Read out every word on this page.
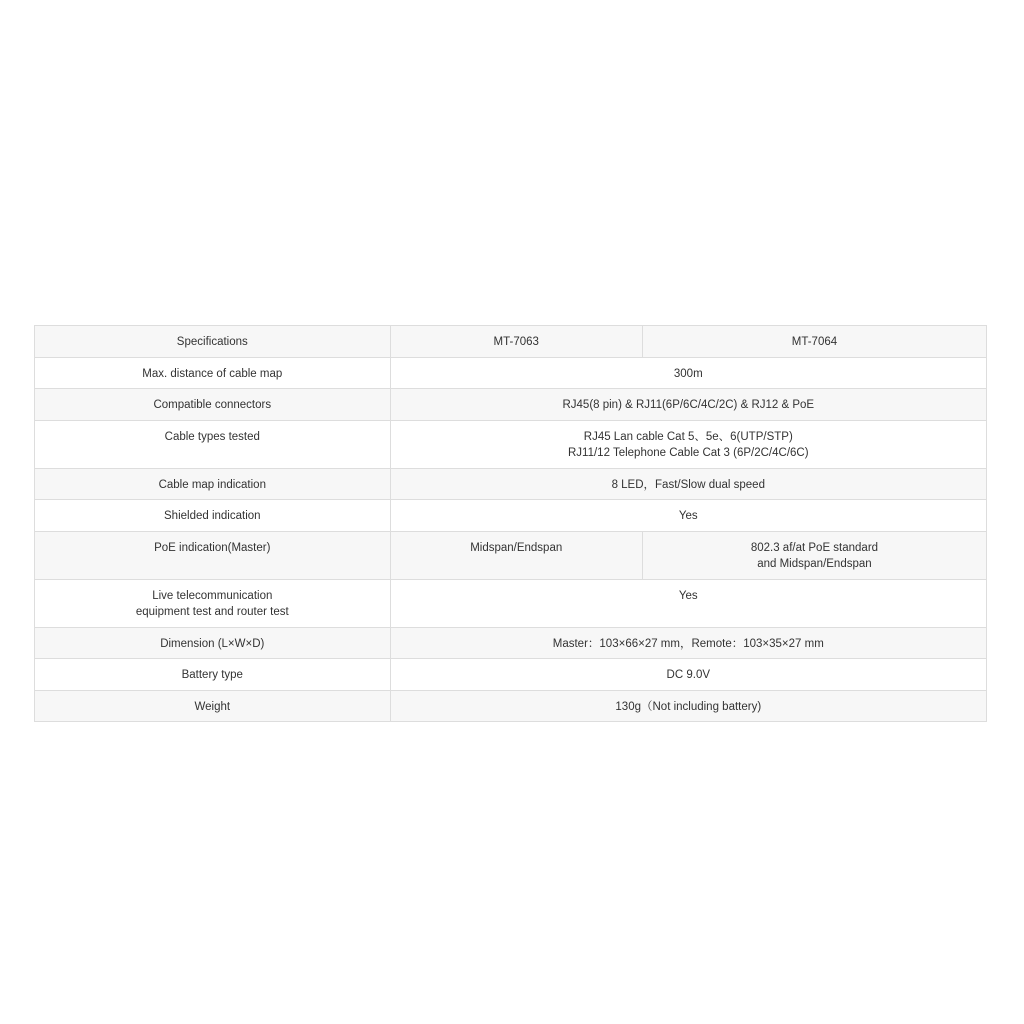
Specifications	MT-7063	MT-7064
Max. distance of cable map	300m	
Compatible connectors	RJ45(8 pin) & RJ11(6P/6C/4C/2C) & RJ12 & PoE	
Cable types tested	RJ45 Lan cable Cat 5、5e、6(UTP/STP)
RJ11/12 Telephone Cable Cat 3 (6P/2C/4C/6C)	

Cable map indication	8 LED，Fast/Slow dual speed	
Shielded indication	Yes	
PoE indication(Master)	Midspan/Endspan	802.3 af/at PoE standard
and Midspan/Endspan

Live telecommunication
equipment test and router test	Yes	
Dimension (L×W×D)	Master：103×66×27 mm，Remote：103×35×27 mm	
Battery type	DC 9.0V	
Weight	130g（Not including battery)	
